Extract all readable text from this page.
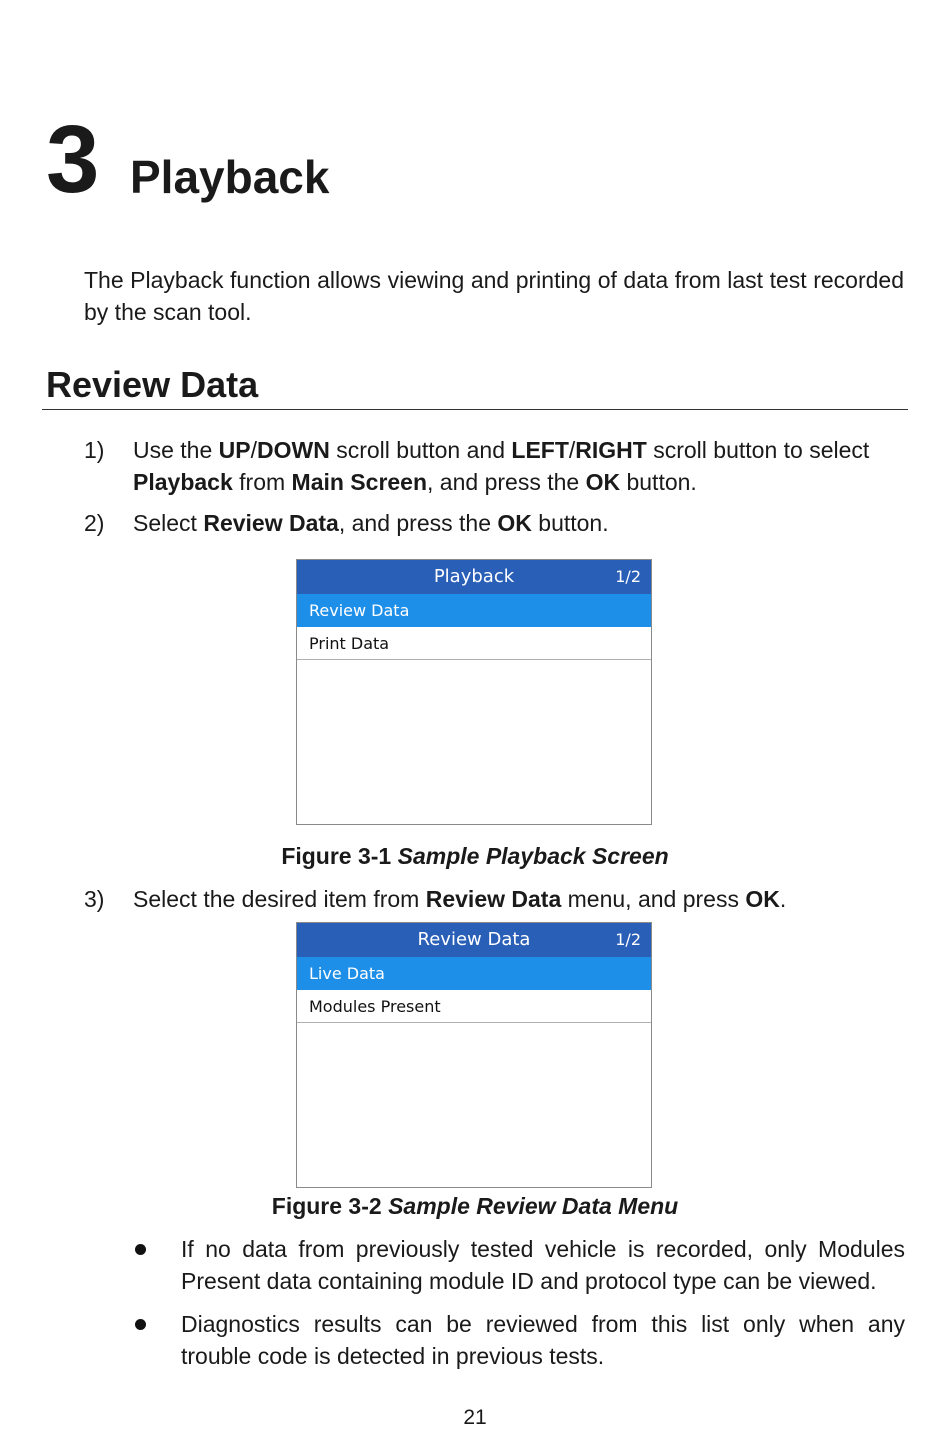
3 Playback

The Playback function allows viewing and printing of data from last test recorded by the scan tool.

Review Data
1) Use the UP/DOWN scroll button and LEFT/RIGHT scroll button to select Playback from Main Screen, and press the OK button.
2) Select Review Data, and press the OK button.
Playback	1/2
Review Data
Print Data
Figure 3-1 Sample Playback Screen
3) Select the desired item from Review Data menu, and press OK.
Review Data	1/2
Live Data
Modules Present
Figure 3-2 Sample Review Data Menu
If no data from previously tested vehicle is recorded, only Modules Present data containing module ID and protocol type can be viewed.
Diagnostics results can be reviewed from this list only when any trouble code is detected in previous tests.
21
